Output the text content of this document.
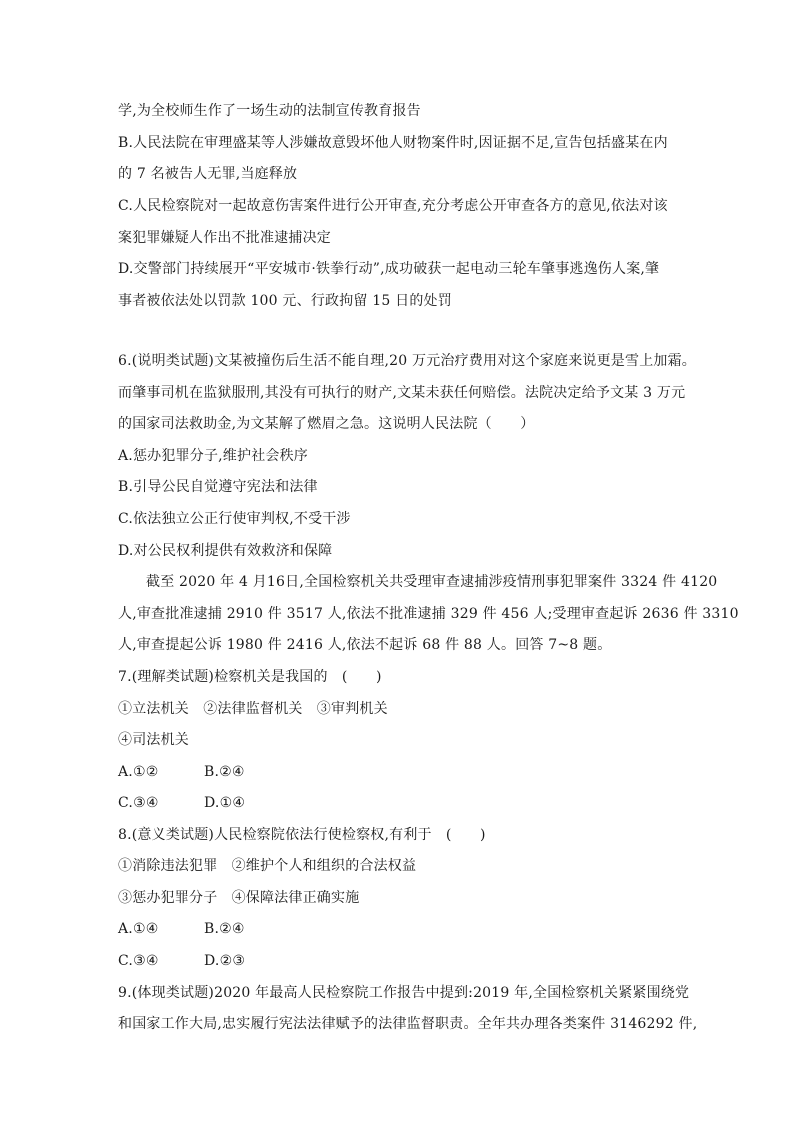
学,为全校师生作了一场生动的法制宣传教育报告
B.人民法院在审理盛某等人涉嫌故意毁坏他人财物案件时,因证据不足,宣告包括盛某在内
的 7 名被告人无罪,当庭释放
C.人民检察院对一起故意伤害案件进行公开审查,充分考虑公开审查各方的意见,依法对该
案犯罪嫌疑人作出不批准逮捕决定
D.交警部门持续展开“平安城市·铁拳行动”,成功破获一起电动三轮车肇事逃逸伤人案,肇
事者被依法处以罚款 100 元、行政拘留 15 日的处罚
6.(说明类试题)文某被撞伤后生活不能自理,20 万元治疗费用对这个家庭来说更是雪上加霜。
而肇事司机在监狱服刑,其没有可执行的财产,文某未获任何赔偿。法院决定给予文某 3 万元
的国家司法救助金,为文某解了燃眉之急。这说明人民法院（　　）
A.惩办犯罪分子,维护社会秩序
B.引导公民自觉遵守宪法和法律
C.依法独立公正行使审判权,不受干涉
D.对公民权利提供有效救济和保障
截至 2020 年 4 月16日,全国检察机关共受理审查逮捕涉疫情刑事犯罪案件 3324 件 4120
人,审查批准逮捕 2910 件 3517 人,依法不批准逮捕 329 件 456 人;受理审查起诉 2636 件 3310
人,审查提起公诉 1980 件 2416 人,依法不起诉 68 件 88 人。回答 7~8 题。
7.(理解类试题)检察机关是我国的　(　　)
①立法机关　②法律监督机关　③审判机关
④司法机关
A.①②	B.②④
C.③④	D.①④
8.(意义类试题)人民检察院依法行使检察权,有利于　(　　)
①消除违法犯罪　②维护个人和组织的合法权益
③惩办犯罪分子　④保障法律正确实施
A.①④	B.②④
C.③④	D.②③
9.(体现类试题)2020 年最高人民检察院工作报告中提到:2019 年,全国检察机关紧紧围绕党
和国家工作大局,忠实履行宪法法律赋予的法律监督职责。全年共办理各类案件 3146292 件,
